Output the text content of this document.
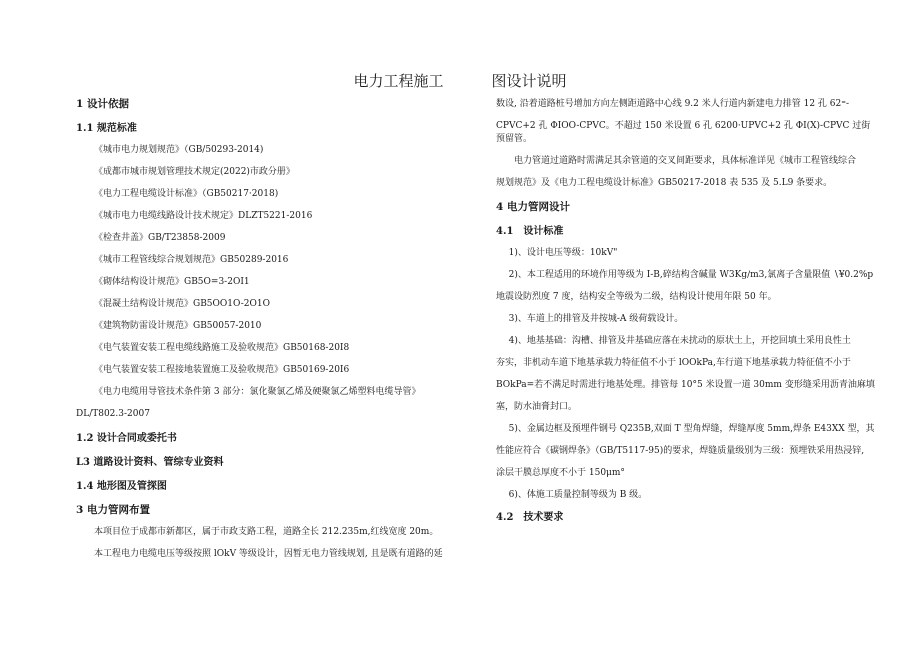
电力工程施工	图设计说明

1 设计依据

1.1 规范标准

《城市电力规划规范》（GB/50293-2014)

《成都市城市规划管理技术规定(2022)市政分册》

《电力工程电缆设计标准》（GB50217·2018)

《城市电力电缆线路设计技术规定》DLZT5221-2016

《检查井盖》GB/T23858-2009

《城市工程管线综合规划规范》GB50289-2016

《砌体结构设计规范》GB5O=3-2OI1

《混凝土结构设计规范》GB5OO1O-2O1O

《建筑物防雷设计规范》GB50057-2010

《电气装置安装工程电缆线路施工及验收规范》GB50168-20I8

《电气装置安装工程接地装置施工及验收规范》GB50169-20I6

《电力电缆用导管技术条件第 3 部分：氯化聚氯乙烯及硬聚氯乙烯塑料电缆导管》

DL/T802.3-2007

1.2 设计合同或委托书

L3 道路设计资料、管综专业资料

1.4 地形图及管探图

3 电力管网布置

本项目位于成都市新都区，属于市政支路工程，道路全长 212.235m,红线宽度 20m。

本工程电力电缆电压等级按照 lOkV 等级设计，因暂无电力管线规划, 且是既有道路的延

数设, 沿着道路桩号增加方向左侧距道路中心线 9.2 米人行道内新建电力排管 12 孔 62⁼-

CPVC+2 孔 ΦIOO-CPVC。不超过 150 米设置 6 孔 6200·UPVC+2 孔 ΦI(X)-CPVC 过街预留管。

电力管道过道路时需满足其余管道的交叉间距要求，具体标准详见《城市工程管线综合

规划规范》及《电力工程电缆设计标准》GB50217-2018 表 535 及 5.L9 条要求。

4 电力管网设计

4.1　设计标准

1)、设计电压等级：10kV"

2)、本工程适用的环境作用等级为 I-B,碎结构含碱量 W3Kg∕m3,氯离子含量限值 ∖¥0.2%p

地震设防烈度 7 度，结构安全等级为二级，结构设计使用年限 50 年。

3)、车道上的排管及井按城-A 级荷载设计。

4)、地基基础：沟槽、排管及井基础应落在未扰动的原状土上，开挖回填土采用良性土

夯实，非机动车道下地基承载力特征值不小于 lOOkPa,车行道下地基承载力特征值不小于

BOkPa=若不满足时需进行地基处理。排管每 10°5 米设置一道 30mm 变形缝采用沥青油麻填

塞，防水油膏封口。

5)、金属边框及预埋件钢号 Q235B,双面 T 型角焊缝，焊缝厚度 5mm,焊条 E43XX 型，其

性能应符合《碳钢焊条》（GB/T5117-95)的要求，焊缝质量级别为三级：预埋铁采用热浸锌,

涂层干膜总厚度不小于 150μm°

6)、体施工质量控制等级为 B 级。

4.2　技术要求
